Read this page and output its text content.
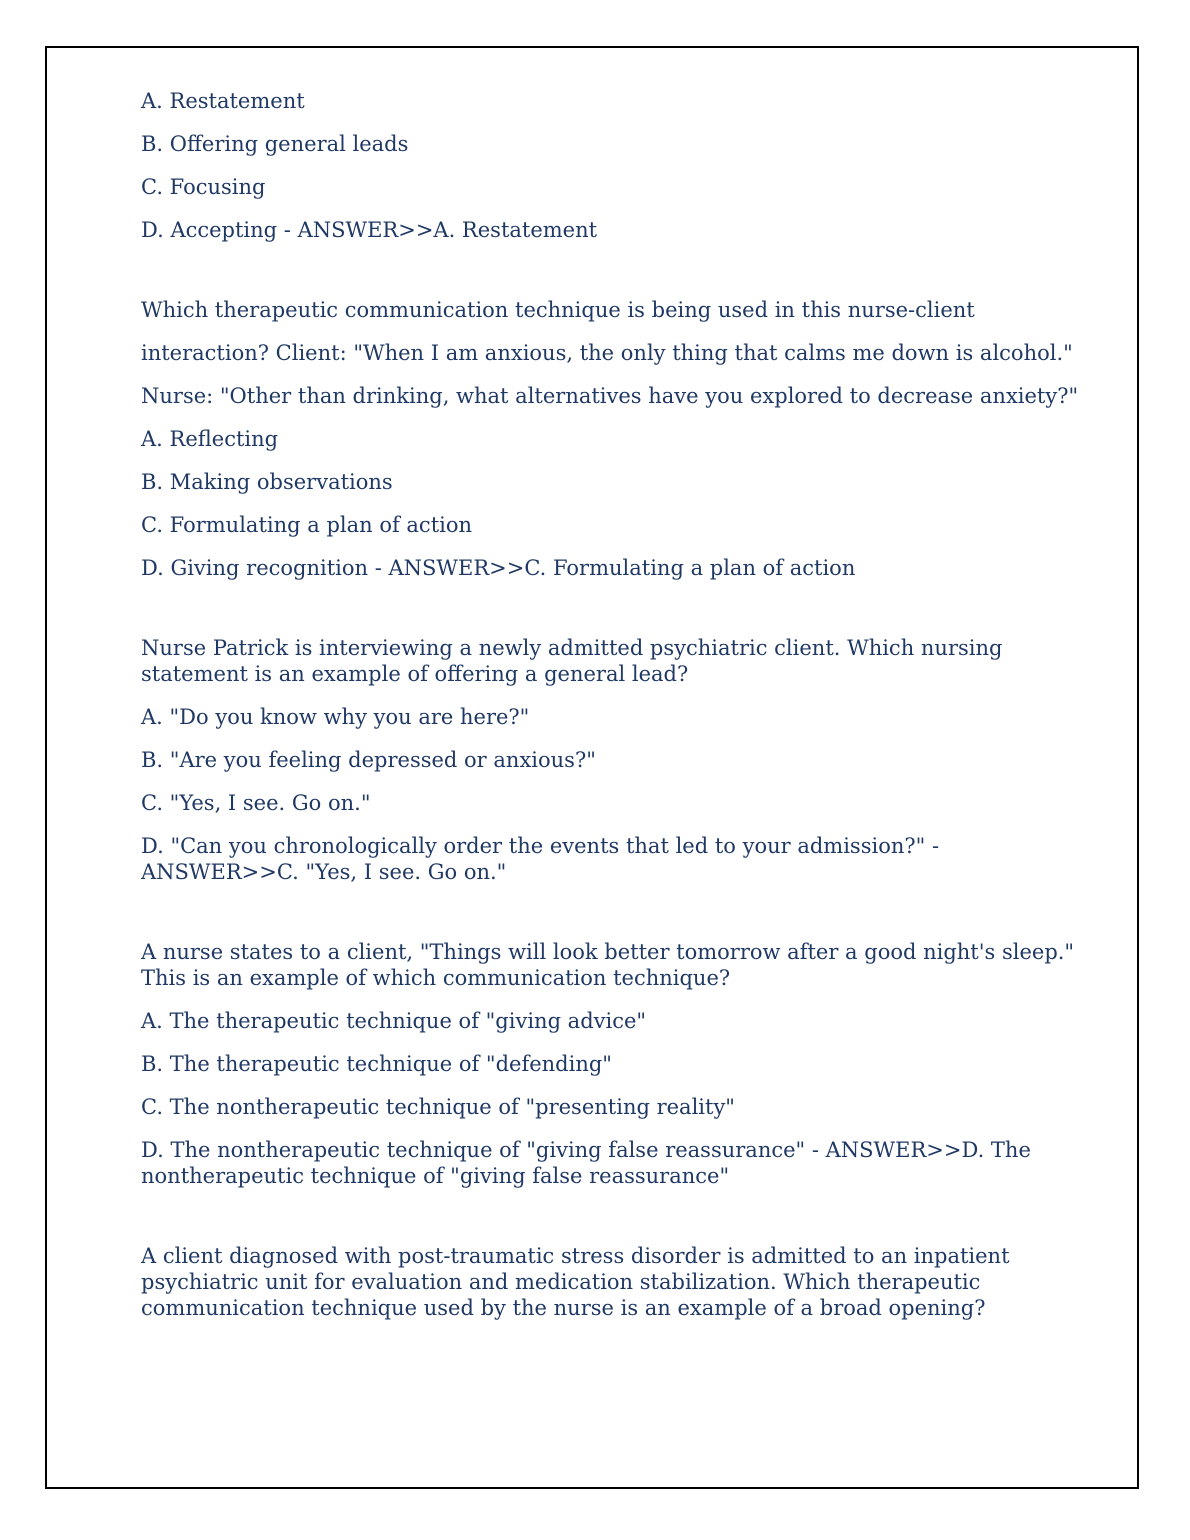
A. Restatement
B. Offering general leads
C. Focusing
D. Accepting - ANSWER>>A. Restatement
Which therapeutic communication technique is being used in this nurse-client
interaction? Client: "When I am anxious, the only thing that calms me down is alcohol."
Nurse: "Other than drinking, what alternatives have you explored to decrease anxiety?"
A. Reflecting
B. Making observations
C. Formulating a plan of action
D. Giving recognition - ANSWER>>C. Formulating a plan of action
Nurse Patrick is interviewing a newly admitted psychiatric client. Which nursing
statement is an example of offering a general lead?
A. "Do you know why you are here?"
B. "Are you feeling depressed or anxious?"
C. "Yes, I see. Go on."
D. "Can you chronologically order the events that led to your admission?" -
ANSWER>>C. "Yes, I see. Go on."
A nurse states to a client, "Things will look better tomorrow after a good night's sleep."
This is an example of which communication technique?
A. The therapeutic technique of "giving advice"
B. The therapeutic technique of "defending"
C. The nontherapeutic technique of "presenting reality"
D. The nontherapeutic technique of "giving false reassurance" - ANSWER>>D. The
nontherapeutic technique of "giving false reassurance"
A client diagnosed with post-traumatic stress disorder is admitted to an inpatient
psychiatric unit for evaluation and medication stabilization. Which therapeutic
communication technique used by the nurse is an example of a broad opening?
